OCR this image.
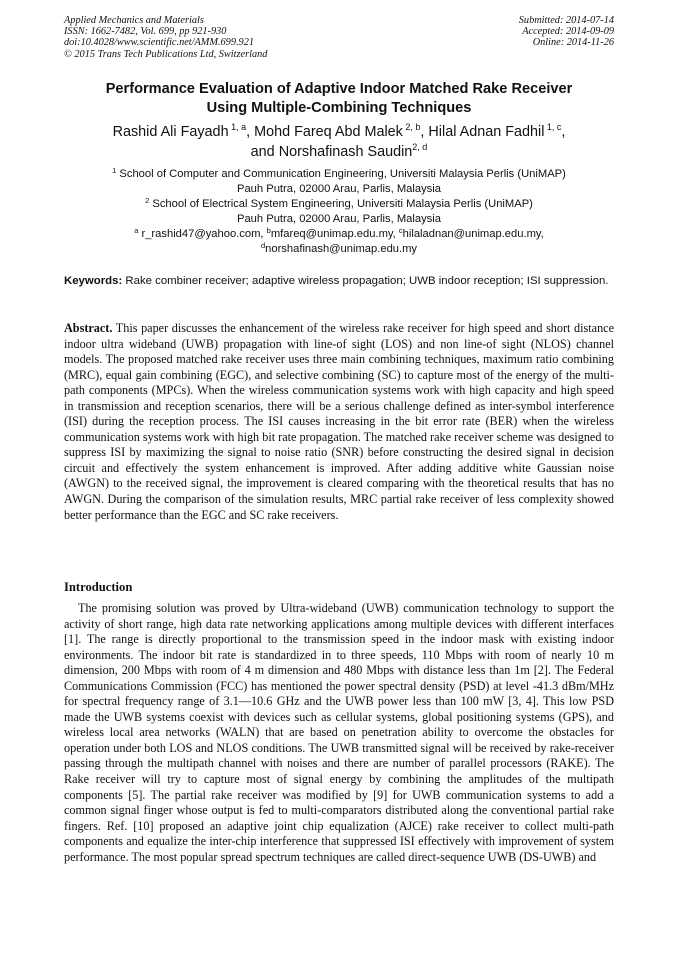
Applied Mechanics and Materials
ISSN: 1662-7482, Vol. 699, pp 921-930
doi:10.4028/www.scientific.net/AMM.699.921
© 2015 Trans Tech Publications Ltd, Switzerland
Submitted: 2014-07-14
Accepted: 2014-09-09
Online: 2014-11-26
Performance Evaluation of Adaptive Indoor Matched Rake Receiver
Using Multiple-Combining Techniques
Rashid Ali Fayadh $^{1, a}$, Mohd Fareq Abd Malek $^{2, b}$, Hilal Adnan Fadhil $^{1, c}$,
and Norshafinash Saudin$^{2, d}$
$^1$ School of Computer and Communication Engineering, Universiti Malaysia Perlis (UniMAP)
Pauh Putra, 02000 Arau, Parlis, Malaysia
$^2$ School of Electrical System Engineering, Universiti Malaysia Perlis (UniMAP)
Pauh Putra, 02000 Arau, Parlis, Malaysia
$^a$ r_rashid47@yahoo.com, $^b$mfareq@unimap.edu.my, $^c$hilaladnan@unimap.edu.my,
$^d$norshafinash@unimap.edu.my
Keywords: Rake combiner receiver; adaptive wireless propagation; UWB indoor reception; ISI suppression.
Abstract. This paper discusses the enhancement of the wireless rake receiver for high speed and short distance indoor ultra wideband (UWB) propagation with line-of sight (LOS) and non line-of sight (NLOS) channel models. The proposed matched rake receiver uses three main combining techniques, maximum ratio combining (MRC), equal gain combining (EGC), and selective combining (SC) to capture most of the energy of the multi-path components (MPCs). When the wireless communication systems work with high capacity and high speed in transmission and reception scenarios, there will be a serious challenge defined as inter-symbol interference (ISI) during the reception process. The ISI causes increasing in the bit error rate (BER) when the wireless communication systems work with high bit rate propagation. The matched rake receiver scheme was designed to suppress ISI by maximizing the signal to noise ratio (SNR) before constructing the desired signal in decision circuit and effectively the system enhancement is improved. After adding additive white Gaussian noise (AWGN) to the received signal, the improvement is cleared comparing with the theoretical results that has no AWGN. During the comparison of the simulation results, MRC partial rake receiver of less complexity showed better performance than the EGC and SC rake receivers.
Introduction
The promising solution was proved by Ultra-wideband (UWB) communication technology to support the activity of short range, high data rate networking applications among multiple devices with different interfaces [1]. The range is directly proportional to the transmission speed in the indoor mask with existing indoor environments. The indoor bit rate is standardized in to three speeds, 110 Mbps with room of nearly 10 m dimension, 200 Mbps with room of 4 m dimension and 480 Mbps with distance less than 1m [2]. The Federal Communications Commission (FCC) has mentioned the power spectral density (PSD) at level -41.3 dBm/MHz for spectral frequency range of 3.1—10.6 GHz and the UWB power less than 100 mW [3, 4]. This low PSD made the UWB systems coexist with devices such as cellular systems, global positioning systems (GPS), and wireless local area networks (WALN) that are based on penetration ability to overcome the obstacles for operation under both LOS and NLOS conditions. The UWB transmitted signal will be received by rake-receiver passing through the multipath channel with noises and there are number of parallel processors (RAKE). The Rake receiver will try to capture most of signal energy by combining the amplitudes of the multipath components [5]. The partial rake receiver was modified by [9] for UWB communication systems to add a common signal finger whose output is fed to multi-comparators distributed along the conventional partial rake fingers. Ref. [10] proposed an adaptive joint chip equalization (AJCE) rake receiver to collect multi-path components and equalize the inter-chip interference that suppressed ISI effectively with improvement of system performance. The most popular spread spectrum techniques are called direct-sequence UWB (DS-UWB) and
